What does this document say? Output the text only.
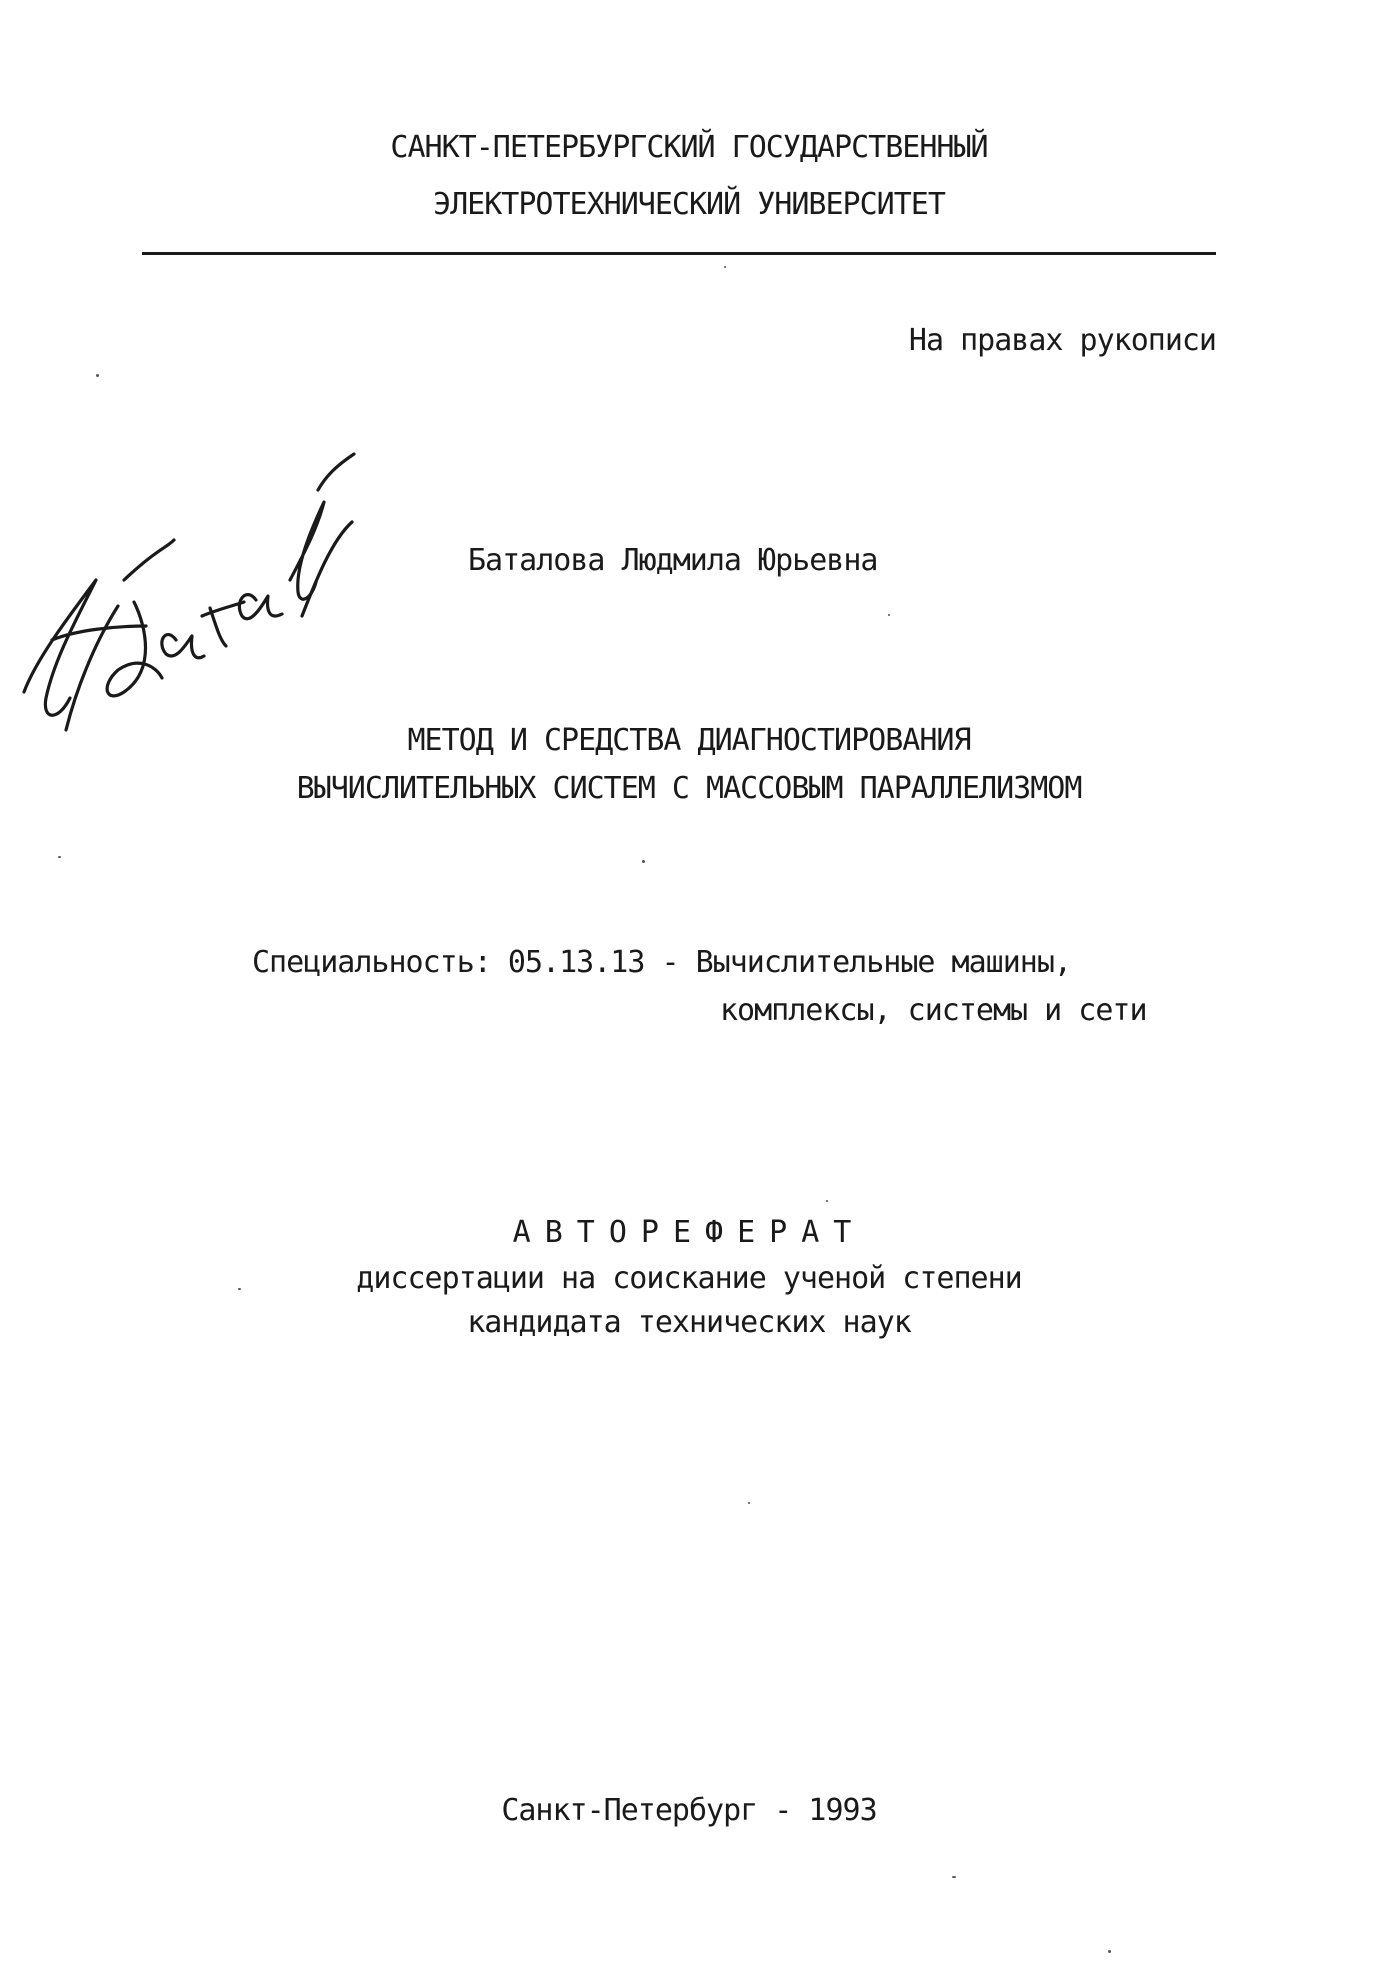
САНКТ-ПЕТЕРБУРГСКИЙ ГОСУДАРСТВЕННЫЙ
ЭЛЕКТРОТЕХНИЧЕСКИЙ УНИВЕРСИТЕТ
На правах рукописи
Батал
Баталова Людмила Юрьевна
МЕТОД И СРЕДСТВА ДИАГНОСТИРОВАНИЯ
ВЫЧИСЛИТЕЛЬНЫХ СИСТЕМ С МАССОВЫМ ПАРАЛЛЕЛИЗМОМ
Специальность: 05.13.13 - Вычислительные машины,
комплексы, системы и сети
АВТОРЕФЕРАТ
диссертации на соискание ученой степени
кандидата технических наук
Санкт-Петербург - 1993
